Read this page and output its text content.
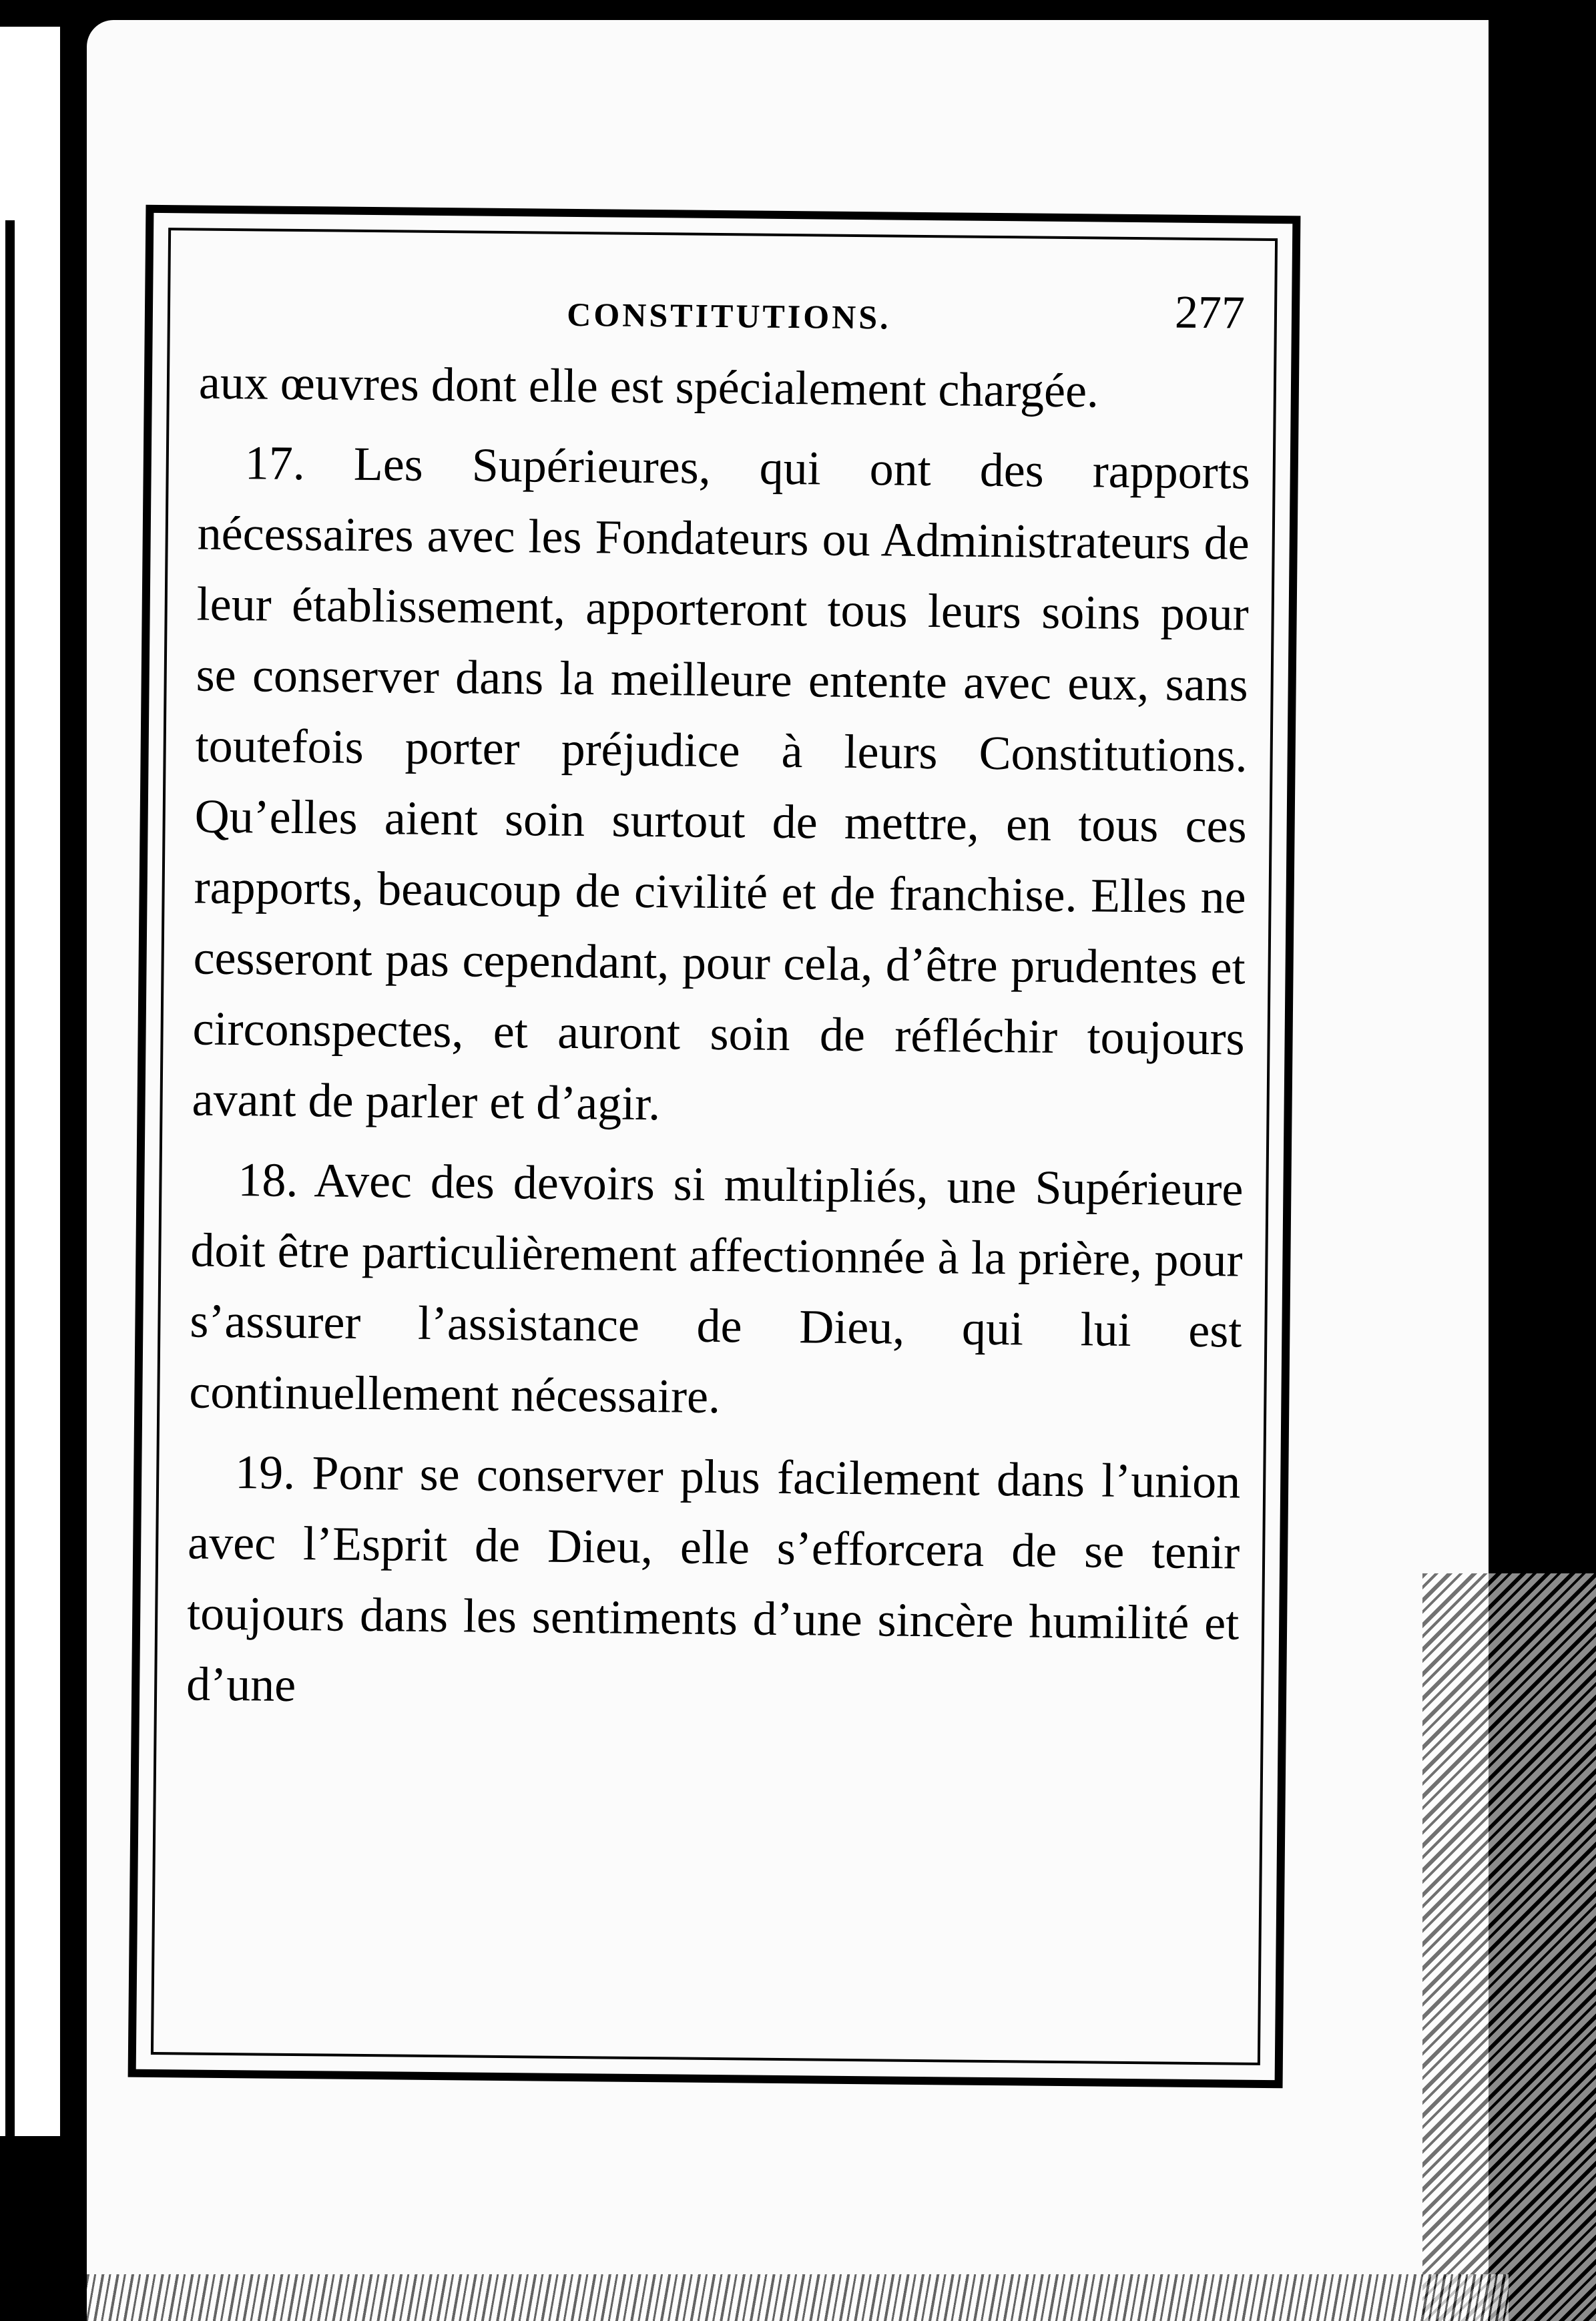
CONSTITUTIONS.	277

aux œuvres dont elle est spécialement chargée.

17. Les Supérieures, qui ont des rapports nécessaires avec les Fondateurs ou Administrateurs de leur établissement, apporteront tous leurs soins pour se conserver dans la meilleure entente avec eux, sans toutefois porter préjudice à leurs Constitutions. Qu’elles aient soin surtout de mettre, en tous ces rapports, beaucoup de civilité et de franchise. Elles ne cesseront pas cependant, pour cela, d’être prudentes et circonspectes, et auront soin de réfléchir toujours avant de parler et d’agir.

18. Avec des devoirs si multipliés, une Supérieure doit être particulièrement affectionnée à la prière, pour s’assurer l’assistance de Dieu, qui lui est continuellement nécessaire.

19. Ponr se conserver plus facilement dans l’union avec l’Esprit de Dieu, elle s’efforcera de se tenir toujours dans les sentiments d’une sincère humilité et d’une
